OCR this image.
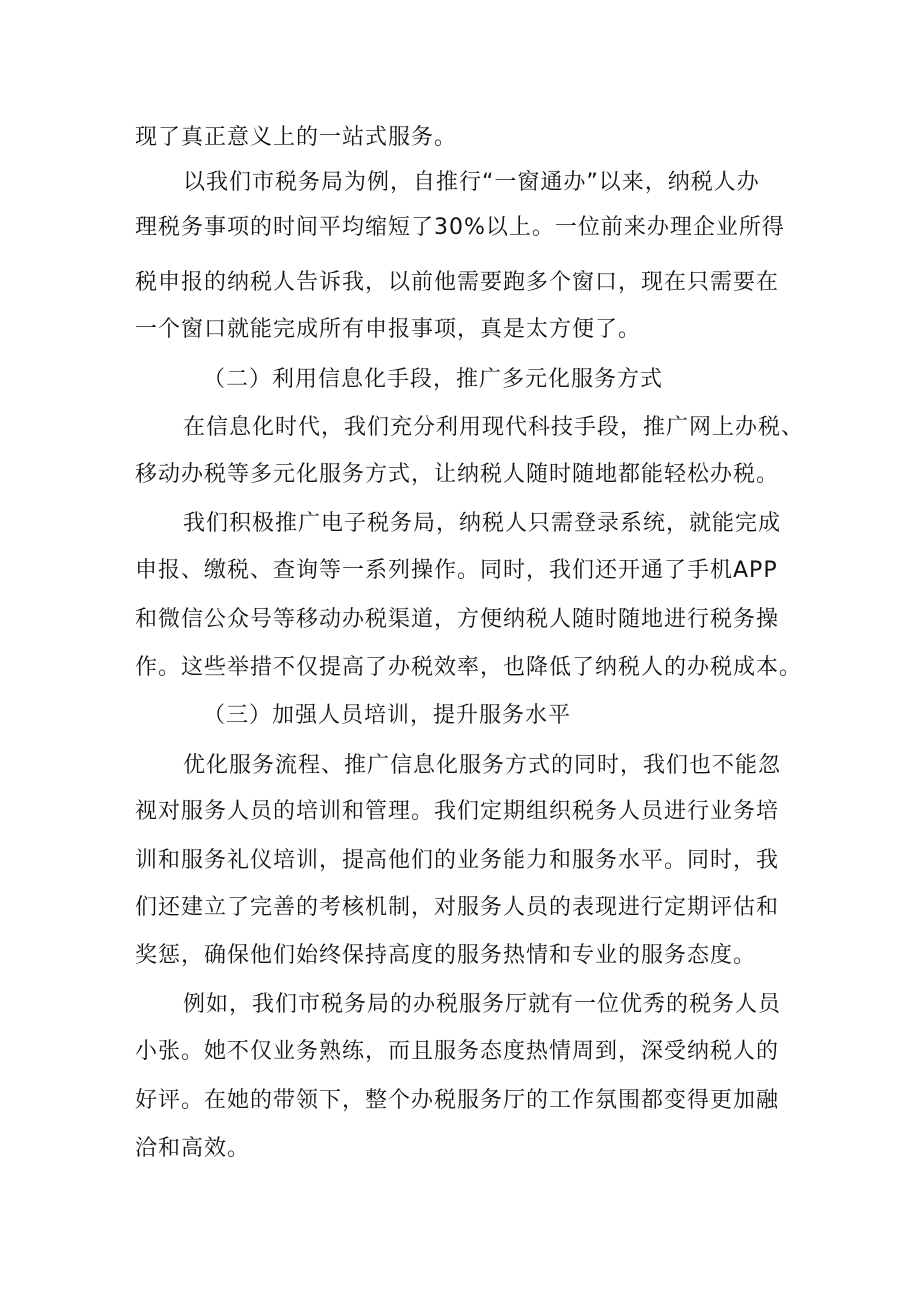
现了真正意义上的一站式服务。
以我们市税务局为例，自推行“一窗通办”以来，纳税人办
理税务事项的时间平均缩短了30%以上。一位前来办理企业所得
税申报的纳税人告诉我，以前他需要跑多个窗口，现在只需要在
一个窗口就能完成所有申报事项，真是太方便了。
（二）利用信息化手段，推广多元化服务方式
在信息化时代，我们充分利用现代科技手段，推广网上办税、
移动办税等多元化服务方式，让纳税人随时随地都能轻松办税。
我们积极推广电子税务局，纳税人只需登录系统，就能完成
申报、缴税、查询等一系列操作。同时，我们还开通了手机APP
和微信公众号等移动办税渠道，方便纳税人随时随地进行税务操
作。这些举措不仅提高了办税效率，也降低了纳税人的办税成本。
（三）加强人员培训，提升服务水平
优化服务流程、推广信息化服务方式的同时，我们也不能忽
视对服务人员的培训和管理。我们定期组织税务人员进行业务培
训和服务礼仪培训，提高他们的业务能力和服务水平。同时，我
们还建立了完善的考核机制，对服务人员的表现进行定期评估和
奖惩，确保他们始终保持高度的服务热情和专业的服务态度。
例如，我们市税务局的办税服务厅就有一位优秀的税务人员
小张。她不仅业务熟练，而且服务态度热情周到，深受纳税人的
好评。在她的带领下，整个办税服务厅的工作氛围都变得更加融
洽和高效。
